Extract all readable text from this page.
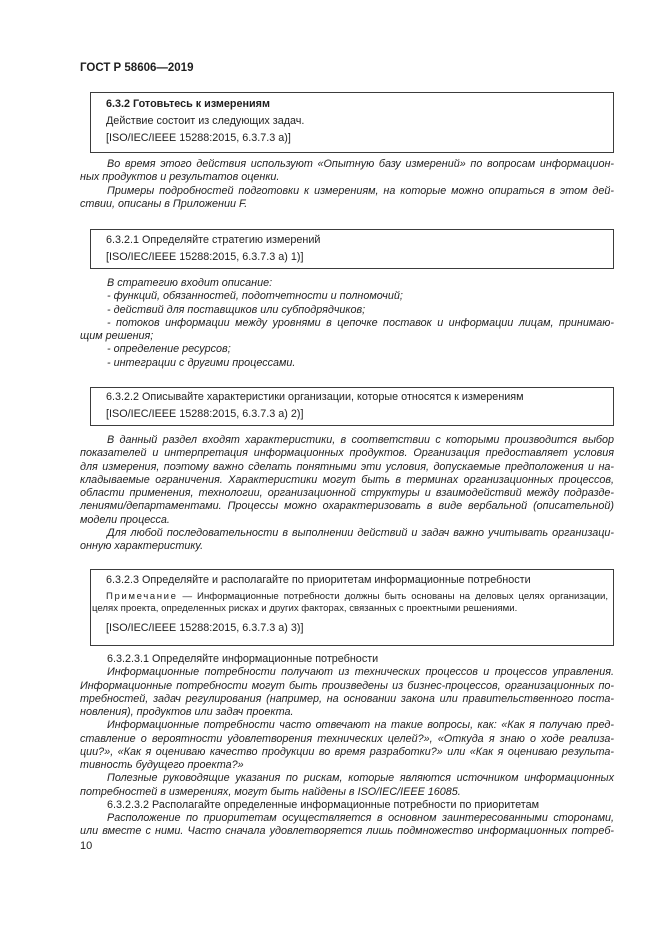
ГОСТ Р 58606—2019
6.3.2 Готовьтесь к измерениям
Действие состоит из следующих задач.
[ISO/IEC/IEEE 15288:2015, 6.3.7.3 a)]
Во время этого действия используют «Опытную базу измерений» по вопросам информацион-
ных продуктов и результатов оценки.
Примеры подробностей подготовки к измерениям, на которые можно опираться в этом дей-
ствии, описаны в Приложении F.
6.3.2.1 Определяйте стратегию измерений
[ISO/IEC/IEEE 15288:2015, 6.3.7.3 a) 1)]
В стратегию входит описание:
- функций, обязанностей, подотчетности и полномочий;
- действий для поставщиков или субподрядчиков;
- потоков информации между уровнями в цепочке поставок и информации лицам, принимаю-
щим решения;
- определение ресурсов;
- интеграции с другими процессами.
6.3.2.2 Описывайте характеристики организации, которые относятся к измерениям
[ISO/IEC/IEEE 15288:2015, 6.3.7.3 a) 2)]
В данный раздел входят характеристики, в соответствии с которыми производится выбор
показателей и интерпретация информационных продуктов. Организация предоставляет условия
для измерения, поэтому важно сделать понятными эти условия, допускаемые предположения и на-
кладываемые ограничения. Характеристики могут быть в терминах организационных процессов,
области применения, технологии, организационной структуры и взаимодействий между подразде-
лениями/департаментами. Процессы можно охарактеризовать в виде вербальной (описательной)
модели процесса.
Для любой последовательности в выполнении действий и задач важно учитывать организаци-
онную характеристику.
6.3.2.3 Определяйте и располагайте по приоритетам информационные потребности
Примечание — Информационные потребности должны быть основаны на деловых целях организации,
целях проекта, определенных рисках и других факторах, связанных с проектными решениями.
[ISO/IEC/IEEE 15288:2015, 6.3.7.3 a) 3)]
6.3.2.3.1 Определяйте информационные потребности
Информационные потребности получают из технических процессов и процессов управления.
Информационные потребности могут быть произведены из бизнес-процессов, организационных по-
требностей, задач регулирования (например, на основании закона или правительственного поста-
новления), продуктов или задач проекта.
Информационные потребности часто отвечают на такие вопросы, как: «Как я получаю пред-
ставление о вероятности удовлетворения технических целей?», «Откуда я знаю о ходе реализа-
ции?», «Как я оцениваю качество продукции во время разработки?» или «Как я оцениваю результа-
тивность будущего проекта?»
Полезные руководящие указания по рискам, которые являются источником информационных
потребностей в измерениях, могут быть найдены в ISO/IEC/IEEE 16085.
6.3.2.3.2 Располагайте определенные информационные потребности по приоритетам
Расположение по приоритетам осуществляется в основном заинтересованными сторонами,
или вместе с ними. Часто сначала удовлетворяется лишь подмножество информационных потреб-
10
